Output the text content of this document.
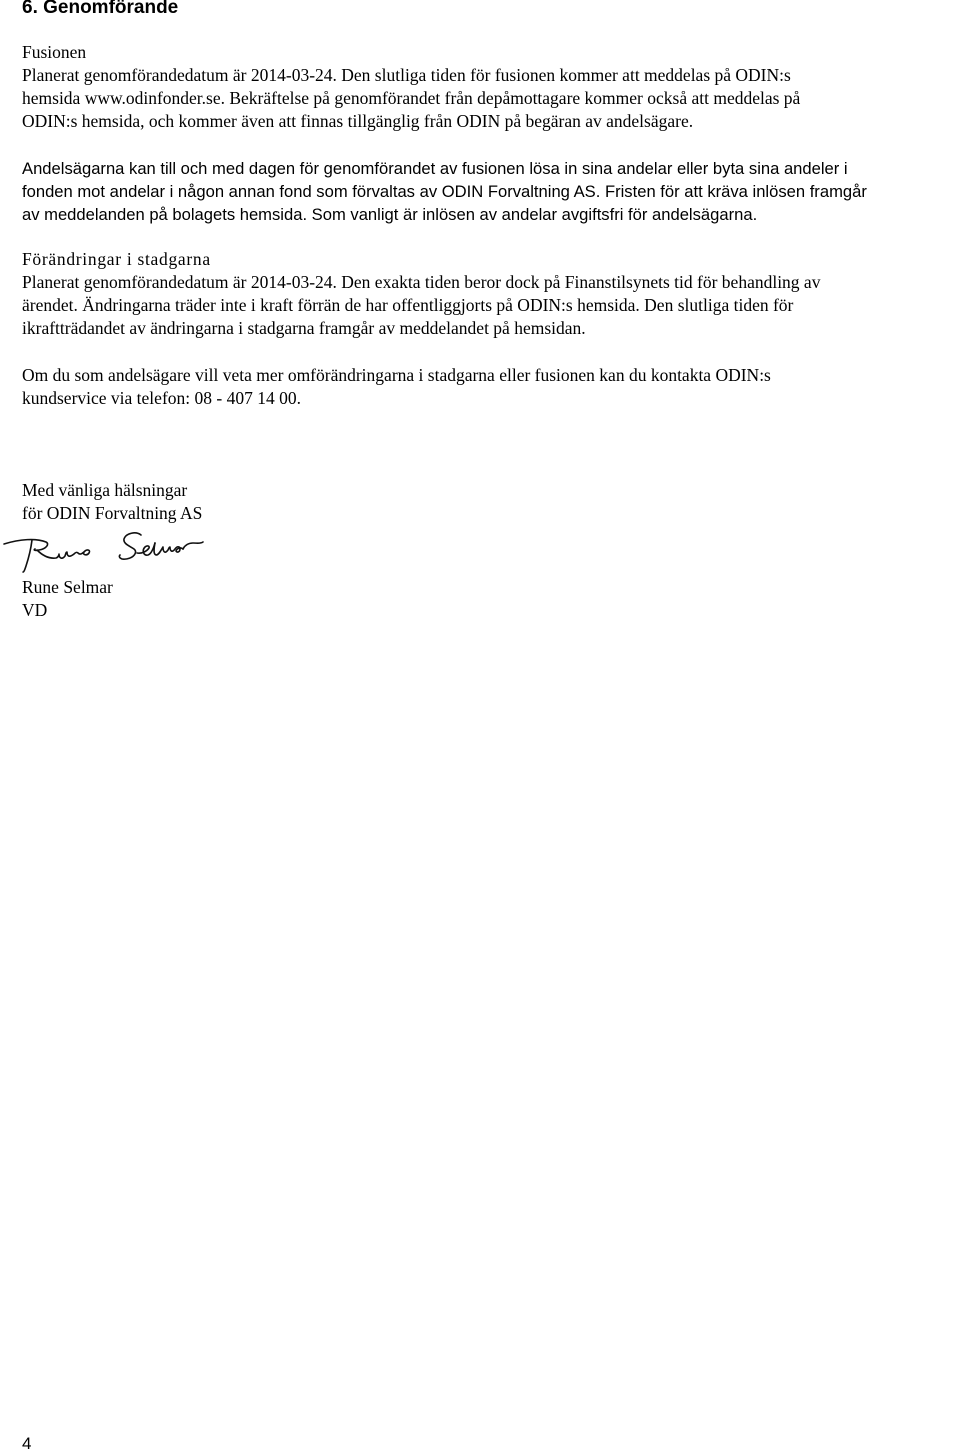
6. Genomförande
Fusionen
Planerat genomförandedatum är 2014-03-24. Den slutliga tiden för fusionen kommer att meddelas på ODIN:s
hemsida www.odinfonder.se. Bekräftelse på genomförandet från depåmottagare kommer också att meddelas på
ODIN:s hemsida, och kommer även att finnas tillgänglig från ODIN på begäran av andelsägare.
Andelsägarna kan till och med dagen för genomförandet av fusionen lösa in sina andelar eller byta sina andeler i
fonden mot andelar i någon annan fond som förvaltas av ODIN Forvaltning AS. Fristen för att kräva inlösen framgår
av meddelanden på bolagets hemsida. Som vanligt är inlösen av andelar avgiftsfri för andelsägarna.
Förändringar i stadgarna
Planerat genomförandedatum är 2014-03-24. Den exakta tiden beror dock på Finanstilsynets tid för behandling av
ärendet. Ändringarna träder inte i kraft förrän de har offentliggjorts på ODIN:s hemsida. Den slutliga tiden för
ikraftträdandet av ändringarna i stadgarna framgår av meddelandet på hemsidan.
Om du som andelsägare vill veta mer omförändringarna i stadgarna eller fusionen kan du kontakta ODIN:s
kundservice via telefon: 08 - 407 14 00.
Med vänliga hälsningar
för ODIN Forvaltning AS
Rune Selmar
VD
4
